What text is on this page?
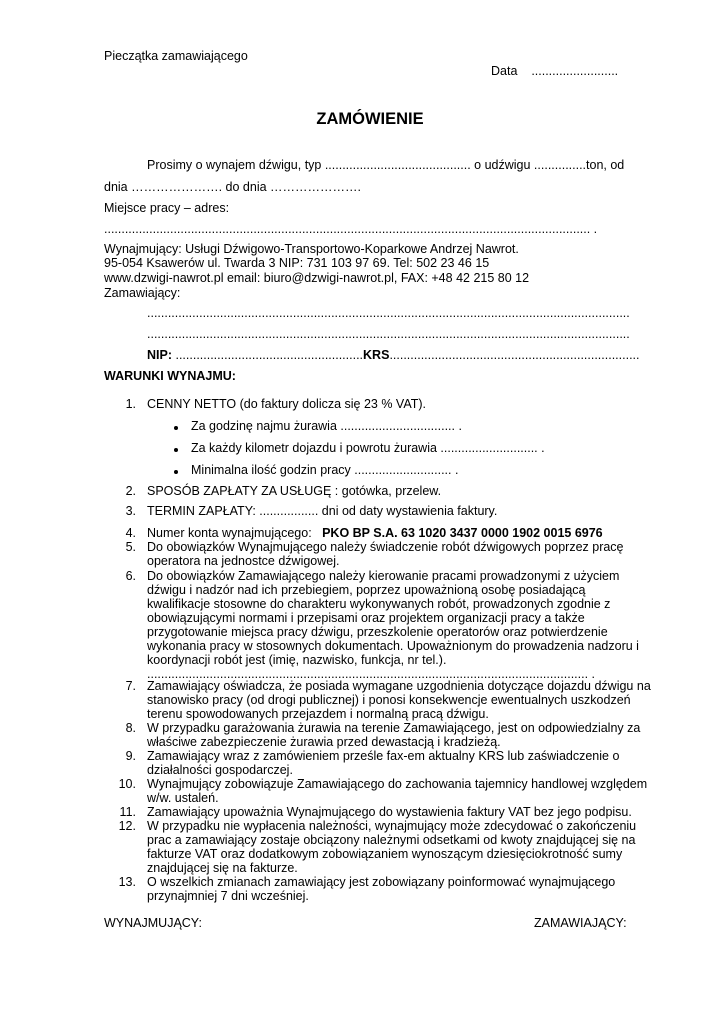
Pieczątka zamawiającego
Data .........................
ZAMÓWIENIE
Prosimy o wynajem dźwigu, typ .......................................... o udźwigu ...............ton, od
dnia …………………. do dnia ………………….
Miejsce pracy – adres:
............................................................................................................................................ .
Wynajmujący: Usługi Dźwigowo-Transportowo-Koparkowe Andrzej Nawrot.
95-054 Ksawerów ul. Twarda 3 NIP: 731 103 97 69. Tel: 502 23 46 15
www.dzwigi-nawrot.pl email: biuro@dzwigi-nawrot.pl, FAX: +48 42 215 80 12
Zamawiający:
...........................................................................................................................................
...........................................................................................................................................
NIP: ......................................................KRS........................................................................
WARUNKI WYNAJMU:
1. CENNY NETTO (do faktury dolicza się 23 % VAT).
Za godzinę najmu żurawia ................................. .
Za każdy kilometr dojazdu i powrotu żurawia ............................ .
Minimalna ilość godzin pracy ............................ .
2. SPOSÓB ZAPŁATY ZA USŁUGĘ : gotówka, przelew.
3. TERMIN ZAPŁATY: ................. dni od daty wystawienia faktury.
4. Numer konta wynajmującego: PKO BP S.A. 63 1020 3437 0000 1902 0015 6976
5. Do obowiązków Wynajmującego należy świadczenie robót dźwigowych poprzez pracę
operatora na jednostce dźwigowej.
6. Do obowiązków Zamawiającego należy kierowanie pracami prowadzonymi z użyciem
dźwigu i nadzór nad ich przebiegiem, poprzez upoważnioną osobę posiadającą
kwalifikacje stosowne do charakteru wykonywanych robót, prowadzonych zgodnie z
obowiązującymi normami i przepisami oraz projektem organizacji pracy a także
przygotowanie miejsca pracy dźwigu, przeszkolenie operatorów oraz potwierdzenie
wykonania pracy w stosownych dokumentach. Upoważnionym do prowadzenia nadzoru i
koordynacji robót jest (imię, nazwisko, funkcja, nr tel.).
............................................................................................................................... .
7. Zamawiający oświadcza, że posiada wymagane uzgodnienia dotyczące dojazdu dźwigu na
stanowisko pracy (od drogi publicznej) i ponosi konsekwencje ewentualnych uszkodzeń
terenu spowodowanych przejazdem i normalną pracą dźwigu.
8. W przypadku garażowania żurawia na terenie Zamawiającego, jest on odpowiedzialny za
właściwe zabezpieczenie żurawia przed dewastacją i kradzieżą.
9. Zamawiający wraz z zamówieniem prześle fax-em aktualny KRS lub zaświadczenie o
działalności gospodarczej.
10. Wynajmujący zobowiązuje Zamawiającego do zachowania tajemnicy handlowej względem
w/w. ustaleń.
11. Zamawiający upoważnia Wynajmującego do wystawienia faktury VAT bez jego podpisu.
12. W przypadku nie wypłacenia należności, wynajmujący może zdecydować o zakończeniu
prac a zamawiający zostaje obciązony należnymi odsetkami od kwoty znajdującej się na
fakturze VAT oraz dodatkowym zobowiązaniem wynoszącym dziesięciokrotność sumy
znajdującej się na fakturze.
13. O wszelkich zmianach zamawiający jest zobowiązany poinformować wynajmującego
przynajmniej 7 dni wcześniej.
WYNAJMUJĄCY:	ZAMAWIAJĄCY:
